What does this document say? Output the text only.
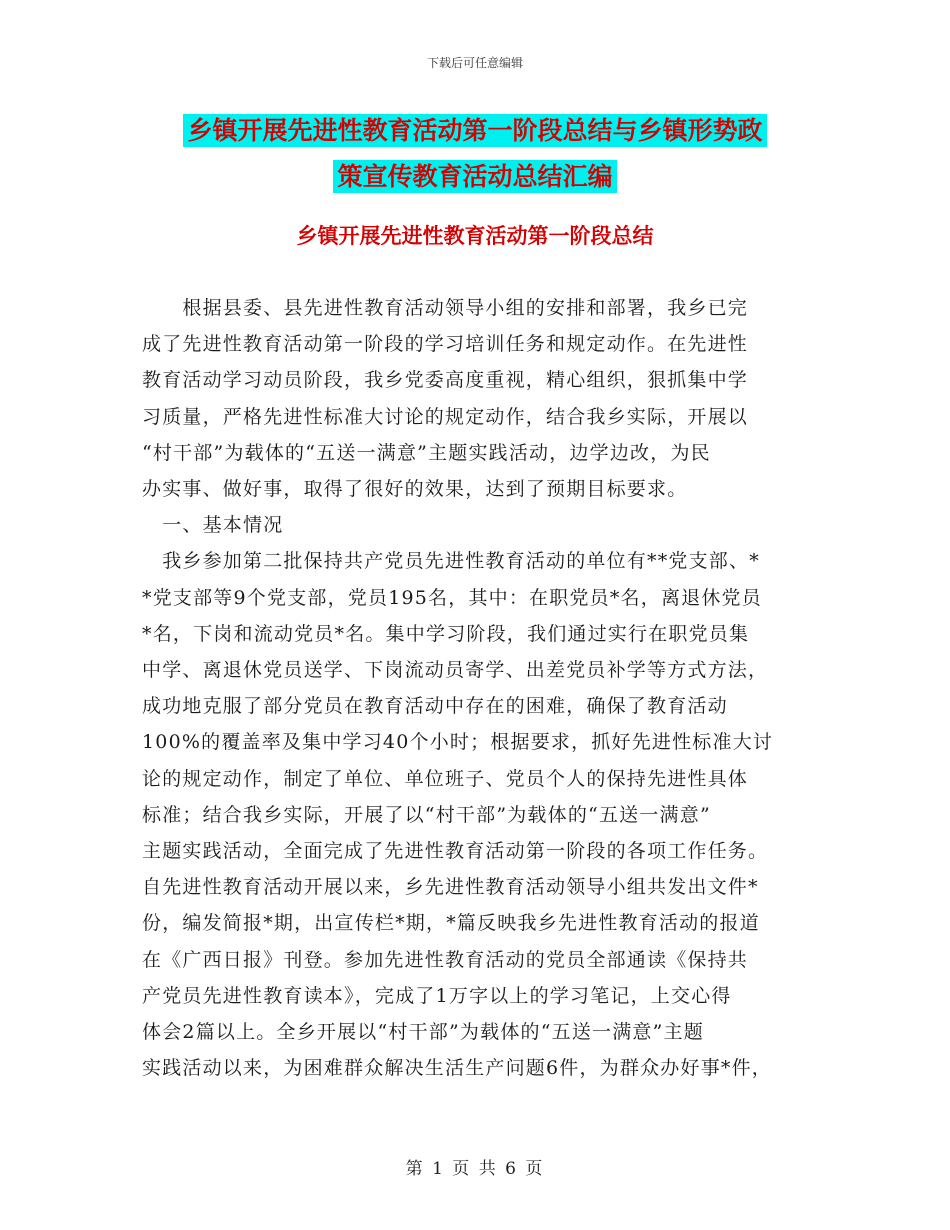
下载后可任意编辑
乡镇开展先进性教育活动第一阶段总结与乡镇形势政
策宣传教育活动总结汇编
乡镇开展先进性教育活动第一阶段总结

　　根据县委、县先进性教育活动领导小组的安排和部署，我乡已完

成了先进性教育活动第一阶段的学习培训任务和规定动作。在先进性

教育活动学习动员阶段，我乡党委高度重视，精心组织，狠抓集中学

习质量，严格先进性标准大讨论的规定动作，结合我乡实际，开展以

“村干部”为载体的“五送一满意”主题实践活动，边学边改，为民

办实事、做好事，取得了很好的效果，达到了预期目标要求。

　一、基本情况

　我乡参加第二批保持共产党员先进性教育活动的单位有**党支部、*

*党支部等9个党支部，党员195名，其中：在职党员*名，离退休党员

*名，下岗和流动党员*名。集中学习阶段，我们通过实行在职党员集

中学、离退休党员送学、下岗流动员寄学、出差党员补学等方式方法，

成功地克服了部分党员在教育活动中存在的困难，确保了教育活动

100%的覆盖率及集中学习40个小时；根据要求，抓好先进性标准大讨

论的规定动作，制定了单位、单位班子、党员个人的保持先进性具体

标准；结合我乡实际，开展了以“村干部”为载体的“五送一满意”

主题实践活动，全面完成了先进性教育活动第一阶段的各项工作任务。

自先进性教育活动开展以来，乡先进性教育活动领导小组共发出文件*

份，编发简报*期，出宣传栏*期，*篇反映我乡先进性教育活动的报道

在《广西日报》刊登。参加先进性教育活动的党员全部通读《保持共

产党员先进性教育读本》，完成了1万字以上的学习笔记，上交心得

体会2篇以上。全乡开展以“村干部”为载体的“五送一满意”主题

实践活动以来，为困难群众解决生活生产问题6件，为群众办好事*件，

第 1 页 共 6 页
